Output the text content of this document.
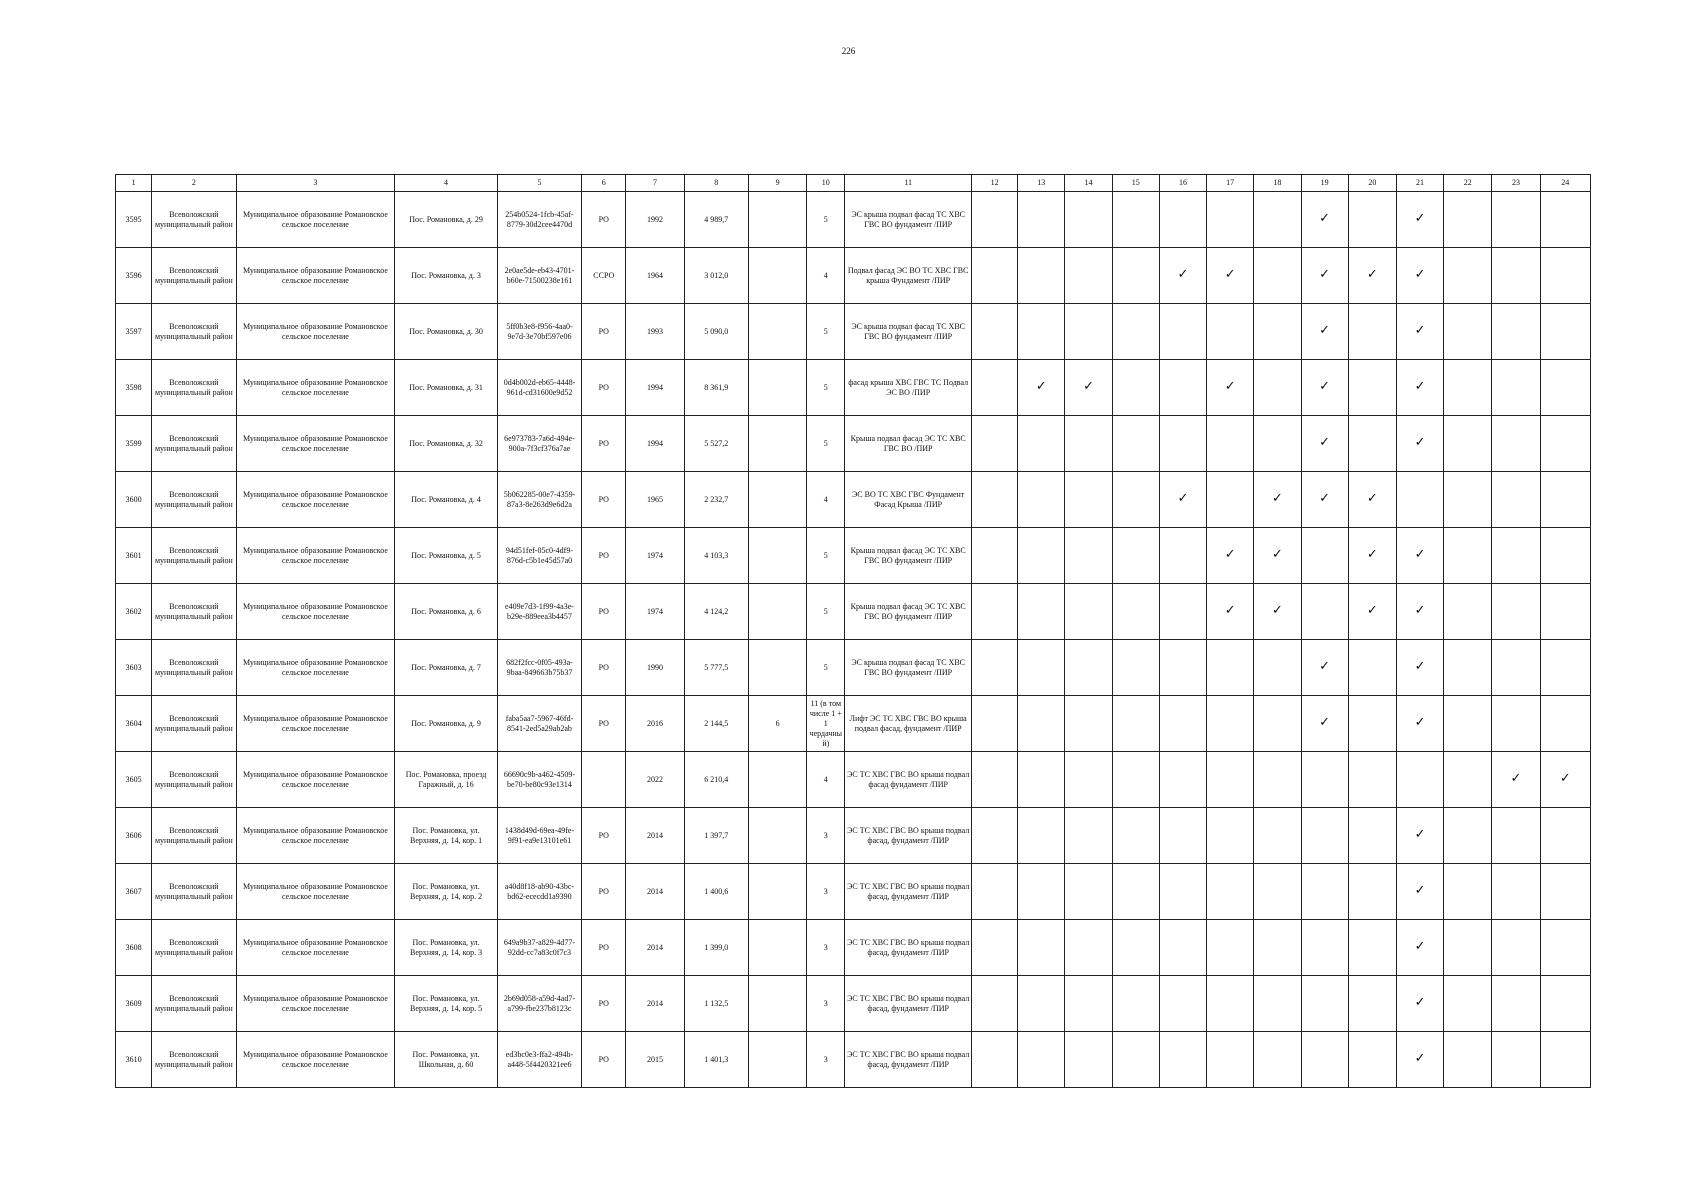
226
1	2	3	4	5	6	7	8	9	10	11	12	13	14	15	16	17	18	19	20	21	22	23	24
3595	Всеволожский муниципальный район	Муниципальное образование Романовское сельское поселение	Пос. Романовка, д. 29	254b0524-1fcb-45af-8779-30d2cee4470d	РО	1992	4 989,7		5	ЭС крыша подвал фасад ТС ХВС ГВС ВО фундамент /ПИР								✓		✓			
3596	Всеволожский муниципальный район	Муниципальное образование Романовское сельское поселение	Пос. Романовка, д. 3	2e0ae5de-eb43-4701-b60e-71500238e161	ССРО	1964	3 012,0		4	Подвал фасад ЭС ВО ТС ХВС ГВС крыша Фундамент /ПИР					✓	✓		✓	✓	✓			
3597	Всеволожский муниципальный район	Муниципальное образование Романовское сельское поселение	Пос. Романовка, д. 30	5ff0b3e8-f956-4aa0-9e7d-3e70bf597e06	РО	1993	5 090,0		5	ЭС крыша подвал фасад ТС ХВС ГВС ВО фундамент /ПИР								✓		✓			
3598	Всеволожский муниципальный район	Муниципальное образование Романовское сельское поселение	Пос. Романовка, д. 31	0d4b002d-eb65-4448-961d-cd31600e9d52	РО	1994	8 361,9		5	фасад крыша ХВС ГВС ТС Подвал ЭС ВО /ПИР		✓	✓			✓		✓		✓			
3599	Всеволожский муниципальный район	Муниципальное образование Романовское сельское поселение	Пос. Романовка, д. 32	6e973783-7a6d-494e-900a-7f3cf376a7ae	РО	1994	5 527,2		5	Крыша подвал фасад ЭС ТС ХВС ГВС ВО /ПИР								✓		✓			
3600	Всеволожский муниципальный район	Муниципальное образование Романовское сельское поселение	Пос. Романовка, д. 4	5b062285-00e7-4359-87a3-8e263d9e6d2a	РО	1965	2 232,7		4	ЭС ВО ТС ХВС ГВС Фундамент Фасад Крыша /ПИР					✓		✓	✓	✓				
3601	Всеволожский муниципальный район	Муниципальное образование Романовское сельское поселение	Пос. Романовка, д. 5	94d51fef-05c0-4df9-876d-c5b1e45d57a0	РО	1974	4 103,3		5	Крыша подвал фасад ЭС ТС ХВС ГВС ВО фундамент /ПИР						✓	✓		✓	✓			
3602	Всеволожский муниципальный район	Муниципальное образование Романовское сельское поселение	Пос. Романовка, д. 6	e409e7d3-1f99-4a3e-b29e-889eea3b4457	РО	1974	4 124,2		5	Крыша подвал фасад ЭС ТС ХВС ГВС ВО фундамент /ПИР						✓	✓		✓	✓			
3603	Всеволожский муниципальный район	Муниципальное образование Романовское сельское поселение	Пос. Романовка, д. 7	682f2fcc-0f05-493a-9baa-849663b75b37	РО	1990	5 777,5		5	ЭС крыша подвал фасад ТС ХВС ГВС ВО фундамент /ПИР								✓		✓			
3604	Всеволожский муниципальный район	Муниципальное образование Романовское сельское поселение	Пос. Романовка, д. 9	faba5aa7-5967-46fd-8541-2ed5a29ab2ab	РО	2016	2 144,5	6	11 (в том числе 1 + 1 чердачный)	Лифт ЭС ТС ХВС ГВС ВО крыша подвал фасад, фундамент /ПИР								✓		✓			
3605	Всеволожский муниципальный район	Муниципальное образование Романовское сельское поселение	Пос. Романовка, проезд Гаражный, д. 16	66690c9b-a462-4509-be70-be80c93e1314		2022	6 210,4		4	ЭС ТС ХВС ГВС ВО крыша подвал фасад фундамент /ПИР												✓	✓
3606	Всеволожский муниципальный район	Муниципальное образование Романовское сельское поселение	Пос. Романовка, ул. Верхняя, д. 14, кор. 1	1438d49d-69ea-49fe-9f91-ea9e13101e61	РО	2014	1 397,7		3	ЭС ТС ХВС ГВС ВО крыша подвал фасад, фундамент /ПИР										✓			
3607	Всеволожский муниципальный район	Муниципальное образование Романовское сельское поселение	Пос. Романовка, ул. Верхняя, д. 14, кор. 2	a40d8f18-ab90-43bc-bd62-ececdd1a9390	РО	2014	1 400,6		3	ЭС ТС ХВС ГВС ВО крыша подвал фасад, фундамент /ПИР										✓			
3608	Всеволожский муниципальный район	Муниципальное образование Романовское сельское поселение	Пос. Романовка, ул. Верхняя, д. 14, кор. 3	649a9b37-a829-4d77-92dd-cc7a83c0f7c3	РО	2014	1 399,0		3	ЭС ТС ХВС ГВС ВО крыша подвал фасад, фундамент /ПИР										✓			
3609	Всеволожский муниципальный район	Муниципальное образование Романовское сельское поселение	Пос. Романовка, ул. Верхняя, д. 14, кор. 5	2b69d058-a59d-4ad7-a799-fbe237b8123c	РО	2014	1 132,5		3	ЭС ТС ХВС ГВС ВО крыша подвал фасад, фундамент /ПИР										✓			
3610	Всеволожский муниципальный район	Муниципальное образование Романовское сельское поселение	Пос. Романовка, ул. Школьная, д. 60	ed3bc0e3-ffa2-494b-a448-5f4420321ee6	РО	2015	1 401,3		3	ЭС ТС ХВС ГВС ВО крыша подвал фасад, фундамент /ПИР										✓			
